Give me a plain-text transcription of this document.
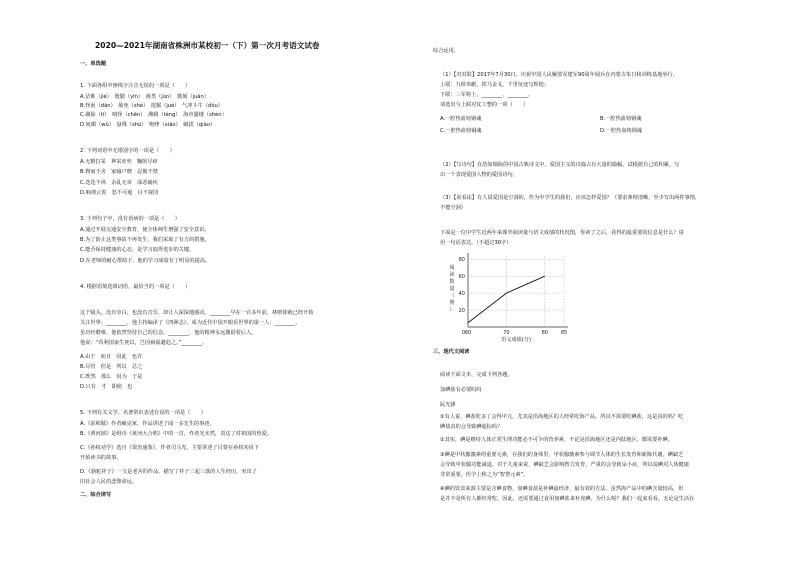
2020—2021年湖南省株洲市某校初一（下）第一次月考语文试卷
一、单选题
1. 下面各组中画线字注音无误的一项是（　　）
A.诘难（jié）　殷勤（yīn）　菌类（jùn）　镌刻（juān）
B.怪诞（dàn）　赦免（shè）　挖掘（jué）　气冲斗牛（dǒu）
C.剔除（tī）　嗔怪（chēn）　沸腾（téng）　海市蜃楼（shèn）
D.妩媚（wǔ）　悬殊（shū）　咆哮（xiào）　峭拔（qiào）
2. 下列词语中无错别字的一项是（　　）
A.无精打采　神采奕奕　鞠躬尽瘁
B.锲而不舍　家喻户晓　忍俊不禁
C.迭迭不休　杂乱无章　深恶痛疾
D.响彻云霄　怒不可遏　目不窥园
3. 下列句子中，没有语病的一项是（　　）
A.通过开展交通安全教育，使全体师生增强了安全意识。
B.为了防止这类事故不再发生，我们采取了有力的措施。
C.能否保持健康的心态，是学习取得进步的关键。
D.在老师的耐心帮助下，他的学习成绩有了明显的提高。
4. 根据语境选填词语，最恰当的一项是（　　）
这个镜头，没有旁白，也没有音乐，却让人深深地感动。________早在一百多年前，林则徐就已经开始
关注世界；________，他主持编译了《四洲志》，成为近代中国开眼看世界的第一人；________，
虽历经磨难，他依然坚持自己的信念。________，他的精神永远激励着后人。
他说：“苟利国家生死以，岂因祸福避趋之。”________。
A.由于　而且　因此　也许
B.尽管　但是　所以　总之
C.既然　那么　因为　于是
D.只有　才　即使　也
5. 下列有关文学、名著常识表述有误的一项是（　　）
A.《说和做》作者臧克家，作品讲述了闻一多先生的事迹。
B.《黄河颂》是组诗《黄河大合唱》中的一首，作者光未然，表达了对祖国的热爱。
C.《孙权劝学》选自《资治通鉴》，作者司马光，主要讲述了吕蒙在孙权劝说下
开始读书的故事。
D.《骆驼祥子》一文是老舍的作品，描写了祥子三起三落的人生经历，突出了
旧社会人民的悲惨命运。
二、综合读写
综合运用。
（1）【对对联】2017年7月30日，庆祝中国人民解放军建军90周年阅兵在内蒙古朱日和训练基地举行。
上联：九秩奉献，铁马金戈，千里征途写辉煌；
下联：三军将士，________，________。
请选出与上联对仗工整的一项（　　）
A.一腔热血铸钢魂	B.一腔热血铸钢魂
C.一腔热血铸钢魂	D.一腔热血铸钢魂
（2）【写诗句】在浩如烟海的中国古典诗文中，爱国主义的诗篇占有大量的篇幅。试根据自己的积累，写
出一个表现爱国人物的爱国诗句。
（3）【说看法】有人说爱国是空洞的，作为中学生的我们，应该怎样爱国？（要求条理清晰，至少写出两件事情，
不能空洞）
下面是一位中学生近两年来课外阅读量与语文成绩的状况图，你读了之后，获得的最重要的信息是什么？请
用一句话表达。（不超过30字）
20
40
60
80
60	70	80	85
0
语文成绩(分)
阅
读
数
量
（
册
）
三、现代文阅读
阅读下面文本，完成下列各题。
加碘盐有必要吗吗
阮光锋
①有人说，碘盐吃多了会得甲亢，尤其是沿海地区的人经常吃海产品，所以不需要吃碘盐，这是真的吗？吃
碘盐真的会导致碘超标吗？
②其实，碘是维持人体正常生理功能必不可少的营养素，不论是沿海地区还是内陆地区，都需要补碘。
③碘是甲状腺激素的重要元素，在我们的身体里，甲状腺激素参与调节人体的生长发育和新陈代谢，碘缺乏
会导致甲状腺功能减退，对于儿童来说，碘缺乏会影响智力发育，严重的会导致呆小症，所以说碘对人体健康
非常重要，医学上称之为“智慧元素”。
④碘的饮食来源主要是含碘食物，加碘食盐是补碘最经济、最有效的方法。虽然海产品中的碘含量较高，但
是并不是所有人都经常吃，因此，还需要通过食用加碘盐来补充碘。为什么呢？我们一起来看看。无论是生活在
